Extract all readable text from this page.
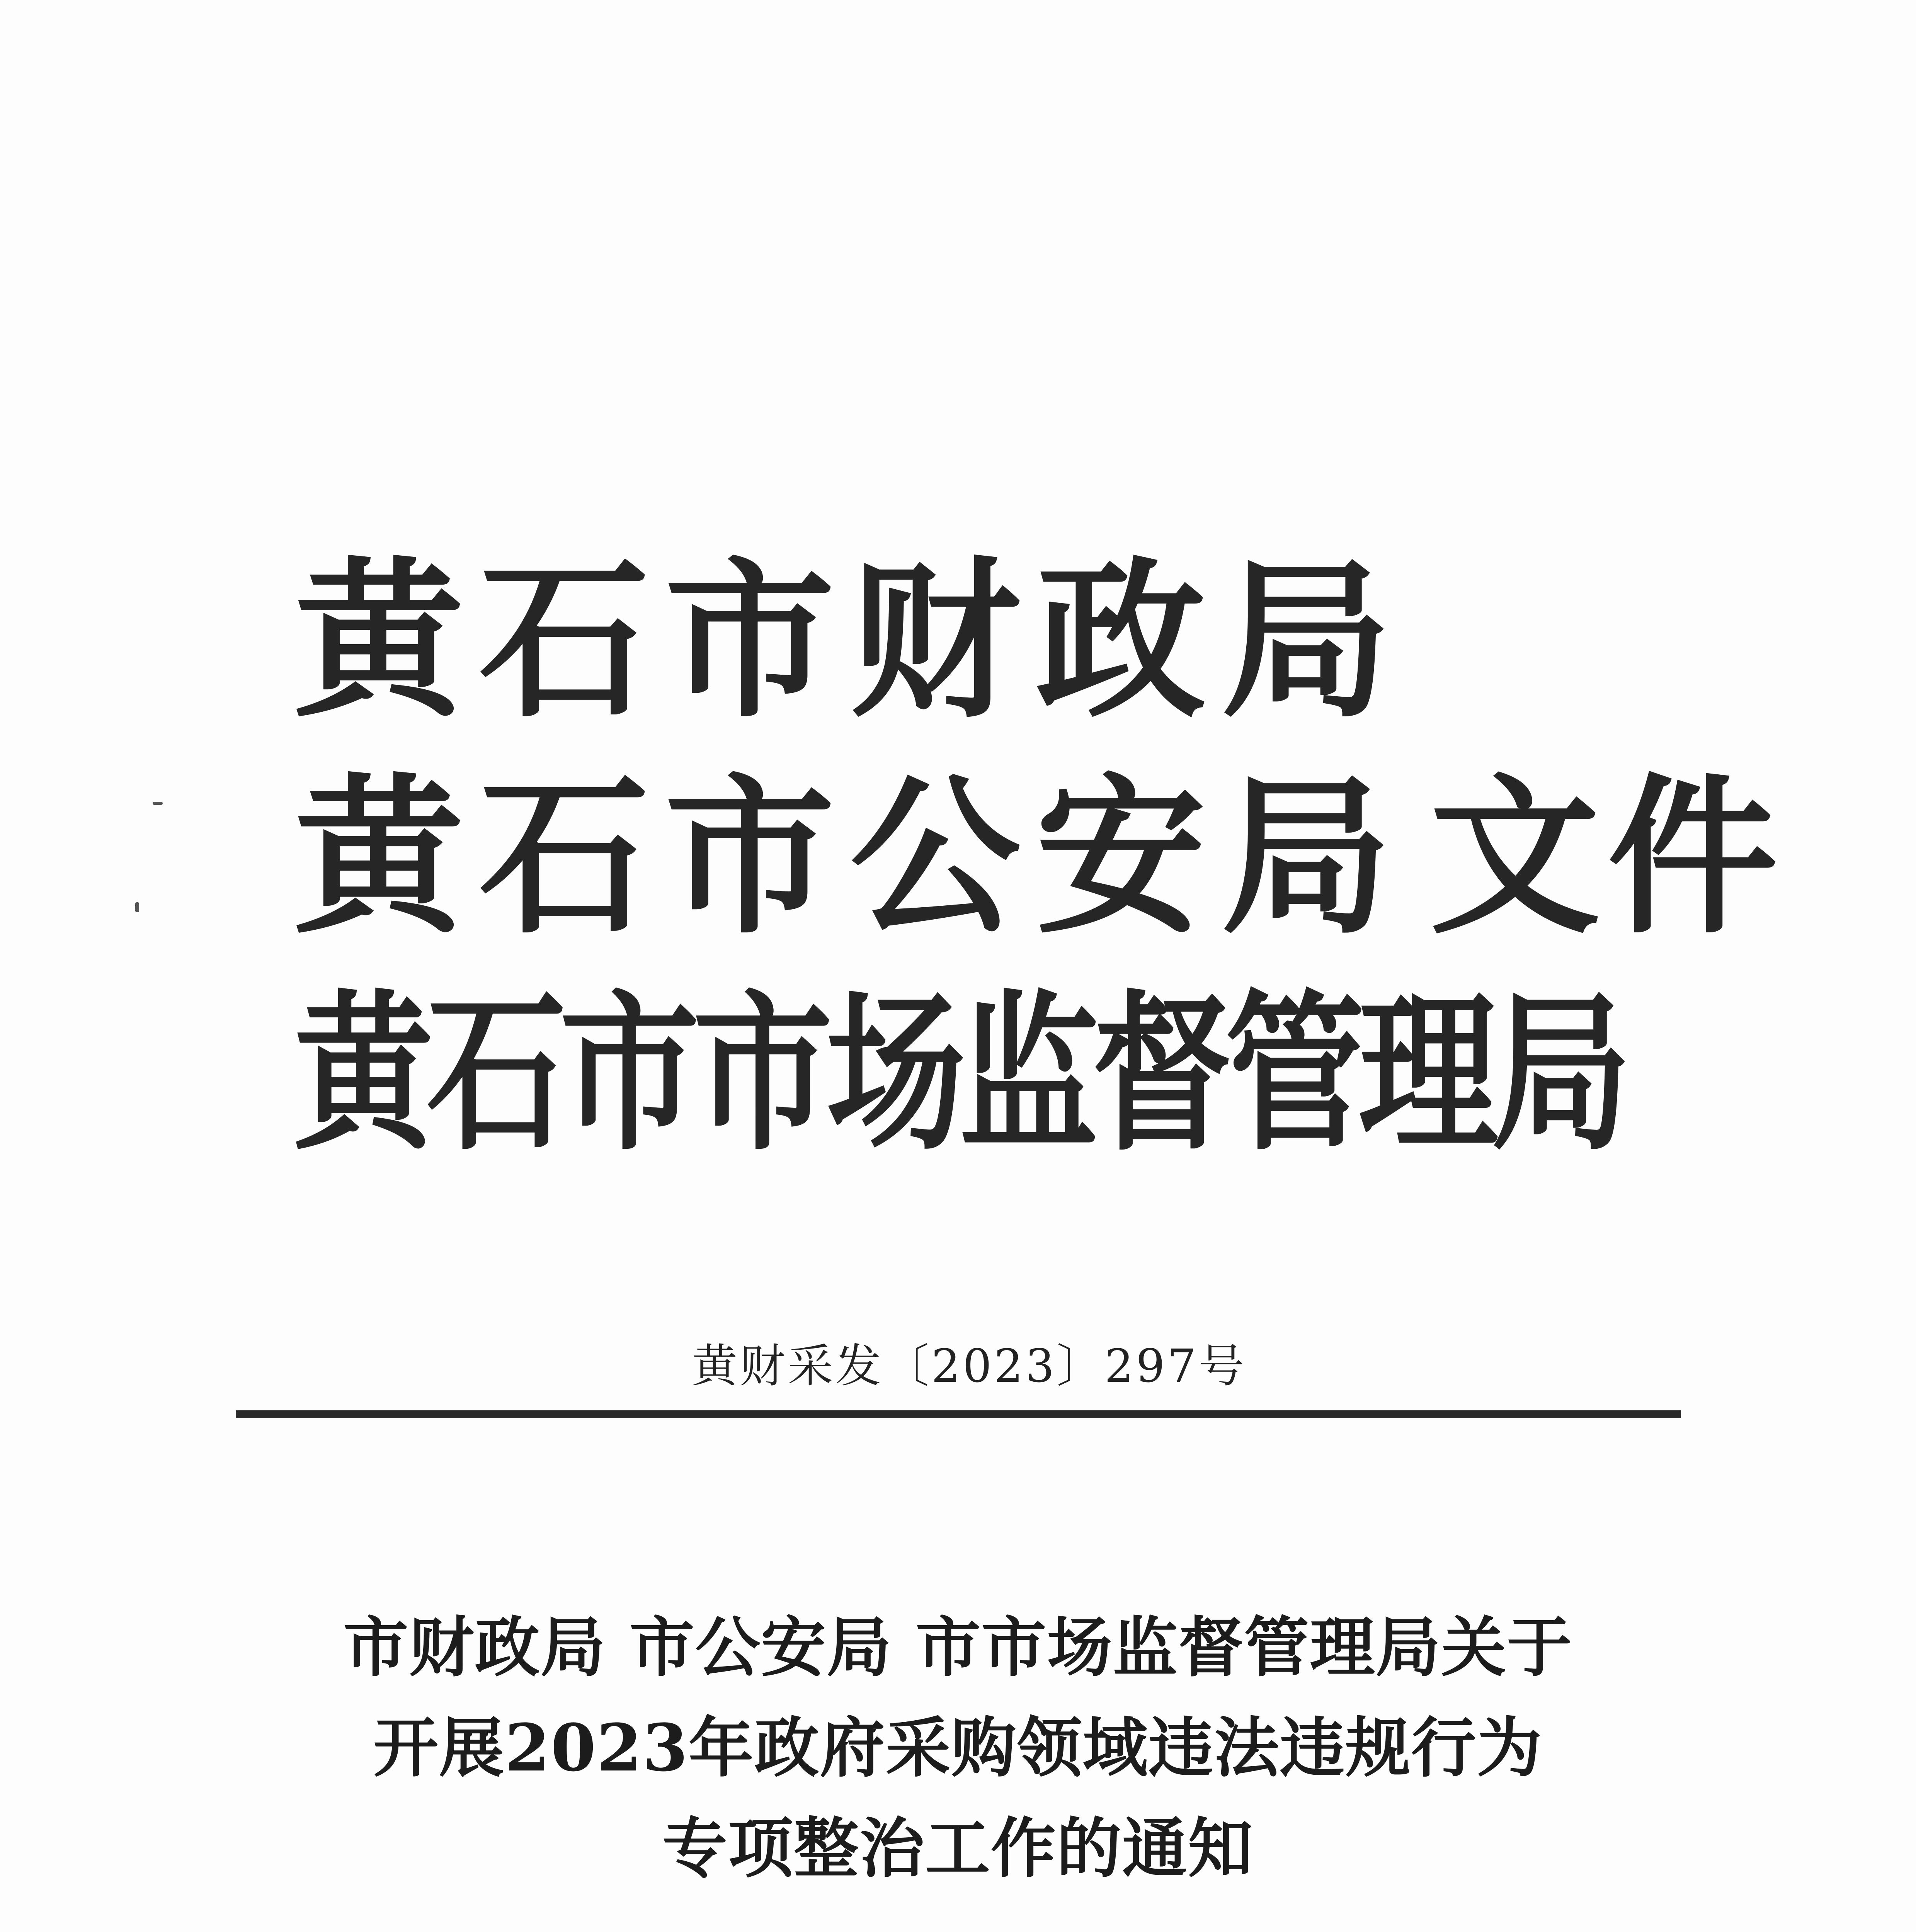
黄石市财政局
黄石市公安局 文件
黄石市市场监督管理局
黄财采发〔2023〕297号
市财政局 市公安局 市市场监督管理局关于
开展2023年政府采购领域违法违规行为
专项整治工作的通知
